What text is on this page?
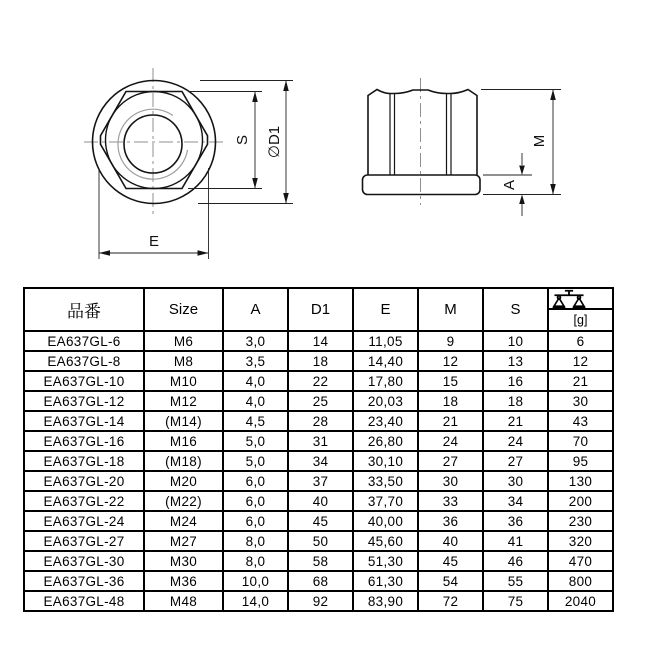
S ∅D1
E
M
A
品番	Size	A	D1	E	M	S	[g]

EA637GL-6	M6	3,0	14	11,05	9	10	6
EA637GL-8	M8	3,5	18	14,40	12	13	12
EA637GL-10	M10	4,0	22	17,80	15	16	21
EA637GL-12	M12	4,0	25	20,03	18	18	30
EA637GL-14	(M14)	4,5	28	23,40	21	21	43
EA637GL-16	M16	5,0	31	26,80	24	24	70
EA637GL-18	(M18)	5,0	34	30,10	27	27	95
EA637GL-20	M20	6,0	37	33,50	30	30	130
EA637GL-22	(M22)	6,0	40	37,70	33	34	200
EA637GL-24	M24	6,0	45	40,00	36	36	230
EA637GL-27	M27	8,0	50	45,60	40	41	320
EA637GL-30	M30	8,0	58	51,30	45	46	470
EA637GL-36	M36	10,0	68	61,30	54	55	800
EA637GL-48	M48	14,0	92	83,90	72	75	2040
